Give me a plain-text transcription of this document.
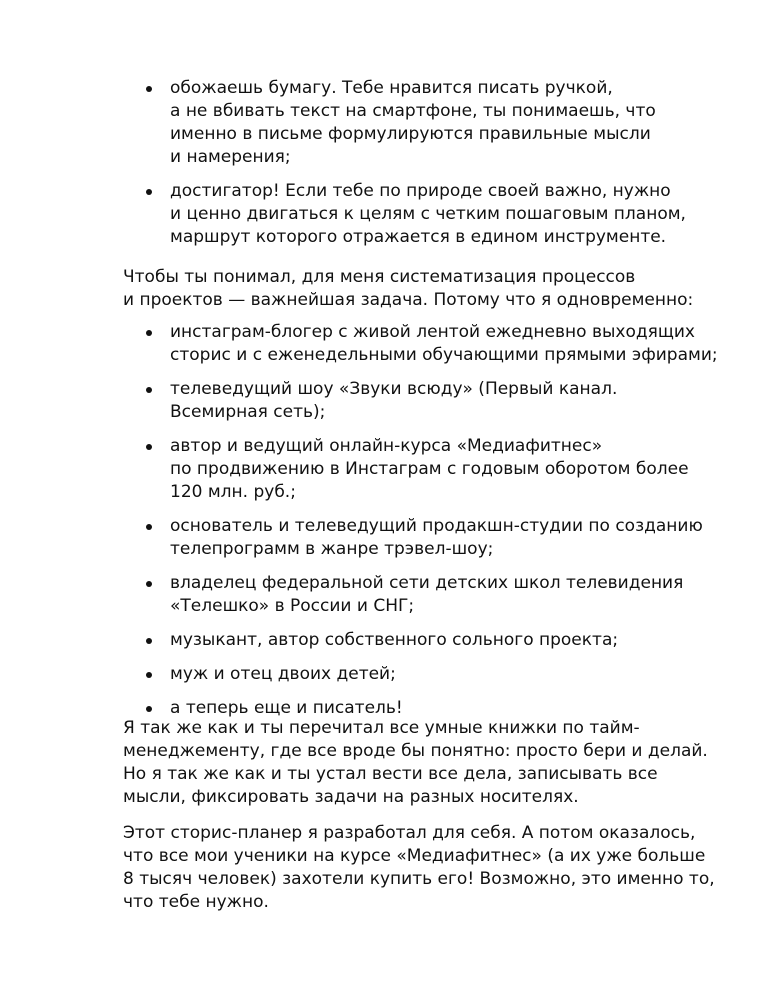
обожаешь бумагу. Тебе нравится писать ручкой,
а не вбивать текст на смартфоне, ты понимаешь, что
именно в письме формулируются правильные мысли
и намерения;
достигатор! Если тебе по природе своей важно, нужно
и ценно двигаться к целям с четким пошаговым планом,
маршрут которого отражается в едином инструменте.

Чтобы ты понимал, для меня систематизация процессов
и проектов — важнейшая задача. Потому что я одновременно:

инстаграм-блогер с живой лентой ежедневно выходящих
сторис и с еженедельными обучающими прямыми эфирами;
телеведущий шоу «Звуки всюду» (Первый канал.
Всемирная сеть);
автор и ведущий онлайн-курса «Медиафитнес»
по продвижению в Инстаграм с годовым оборотом более
120 млн. руб.;
основатель и телеведущий продакшн-студии по созданию
телепрограмм в жанре трэвел-шоу;
владелец федеральной сети детских школ телевидения
«Телешко» в России и СНГ;
музыкант, автор собственного сольного проекта;
муж и отец двоих детей;
а теперь еще и писатель!

Я так же как и ты перечитал все умные книжки по тайм-
менеджементу, где все вроде бы понятно: просто бери и делай.
Но я так же как и ты устал вести все дела, записывать все
мысли, фиксировать задачи на разных носителях.

Этот сторис-планер я разработал для себя. А потом оказалось,
что все мои ученики на курсе «Медиафитнес» (а их уже больше
8 тысяч человек) захотели купить его! Возможно, это именно то,
что тебе нужно.
